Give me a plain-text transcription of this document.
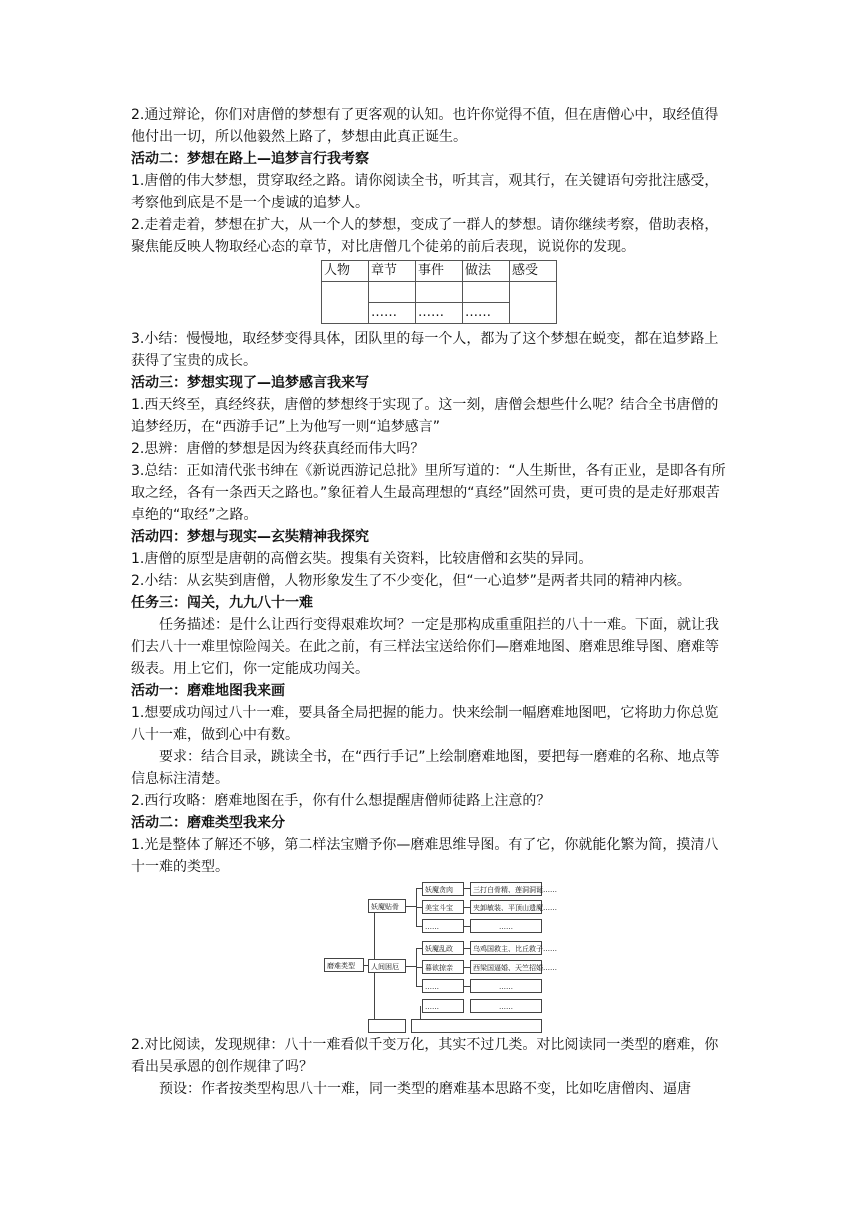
2.通过辩论，你们对唐僧的梦想有了更客观的认知。也许你觉得不值，但在唐僧心中，取经值得他付出一切，所以他毅然上路了，梦想由此真正诞生。

活动二：梦想在路上—追梦言行我考察

1.唐僧的伟大梦想，贯穿取经之路。请你阅读全书，听其言，观其行，在关键语句旁批注感受，考察他到底是不是一个虔诚的追梦人。

2.走着走着，梦想在扩大，从一个人的梦想，变成了一群人的梦想。请你继续考察，借助表格，聚焦能反映人物取经心态的章节，对比唐僧几个徒弟的前后表现，说说你的发现。

人物	章节	事件	做法	感受

	……	……	……	

3.小结：慢慢地，取经梦变得具体，团队里的每一个人，都为了这个梦想在蜕变，都在追梦路上获得了宝贵的成长。

活动三：梦想实现了—追梦感言我来写

1.西天终至，真经终获，唐僧的梦想终于实现了。这一刻，唐僧会想些什么呢？结合全书唐僧的追梦经历，在“西游手记”上为他写一则“追梦感言”

2.思辨：唐僧的梦想是因为终获真经而伟大吗？

3.总结：正如清代张书绅在《新说西游记总批》里所写道的：“人生斯世，各有正业，是即各有所取之经，各有一条西天之路也。”象征着人生最高理想的“真经”固然可贵，更可贵的是走好那艰苦卓绝的“取经”之路。

活动四：梦想与现实—玄奘精神我探究

1.唐僧的原型是唐朝的高僧玄奘。搜集有关资料，比较唐僧和玄奘的异同。

2.小结：从玄奘到唐僧，人物形象发生了不少变化，但“一心追梦”是两者共同的精神内核。

任务三：闯关，九九八十一难

任务描述：是什么让西行变得艰难坎坷？一定是那构成重重阻拦的八十一难。下面，就让我们去八十一难里惊险闯关。在此之前，有三样法宝送给你们—磨难地图、磨难思维导图、磨难等级表。用上它们，你一定能成功闯关。

活动一：磨难地图我来画

1.想要成功闯过八十一难，要具备全局把握的能力。快来绘制一幅磨难地图吧，它将助力你总览八十一难，做到心中有数。

要求：结合目录，跳读全书，在“西行手记”上绘制磨难地图，要把每一磨难的名称、地点等信息标注清楚。

2.西行攻略：磨难地图在手，你有什么想提醒唐僧师徒路上注意的？

活动二：磨难类型我来分

1.光是整体了解还不够，第二样法宝赠予你—磨难思维导图。有了它，你就能化繁为简，摸清八十一难的类型。

磨难类型
妖魔贴骨
人间困厄
妖魔贪肉
美宝斗宝
……
妖魔乱政
暮欲掠亲
……
……
三打白骨精、莲洞洞诞……
夹卸敏装、平顶山遗魔……
……
乌鸡国救主、比丘救子……
西梁国逼婚、天竺招婚……
……
……

2.对比阅读，发现规律：八十一难看似千变万化，其实不过几类。对比阅读同一类型的磨难，你看出吴承恩的创作规律了吗？

预设：作者按类型构思八十一难，同一类型的磨难基本思路不变，比如吃唐僧肉、逼唐
